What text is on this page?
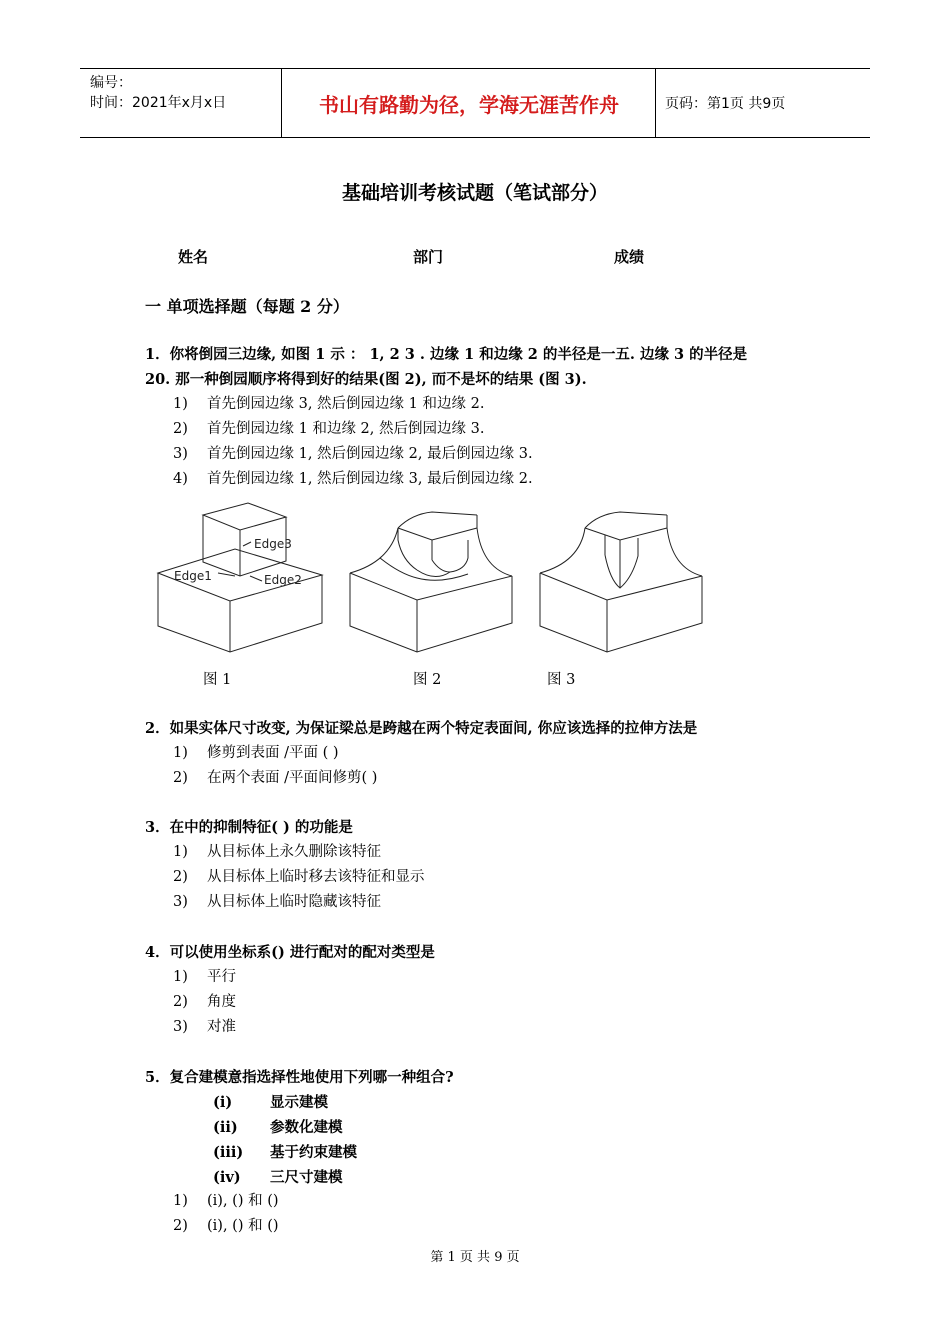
编号：
时间：2021年x月x日	书山有路勤为径，学海无涯苦作舟	页码：第1页 共9页
基础培训考核试题（笔试部分）
姓名	部门	成绩
一 单项选择题（每题 2 分）
1．你将倒园三边缘, 如图 1 示 ： 1, 2 3 . 边缘 1 和边缘 2 的半径是一五. 边缘 3 的半径是
20. 那一种倒园顺序将得到好的结果(图 2), 而不是坏的结果 (图 3).
1) 首先倒园边缘 3, 然后倒园边缘 1 和边缘 2.
2) 首先倒园边缘 1 和边缘 2, 然后倒园边缘 3.
3) 首先倒园边缘 1, 然后倒园边缘 2, 最后倒园边缘 3.
4) 首先倒园边缘 1, 然后倒园边缘 3, 最后倒园边缘 2.
Edge3
Edge1	Edge2
图 1	图 2	图 3
2．如果实体尺寸改变, 为保证梁总是跨越在两个特定表面间, 你应该选择的拉伸方法是
1) 修剪到表面 /平面 ( )
2) 在两个表面 /平面间修剪( )
3．在中的抑制特征( ) 的功能是
1) 从目标体上永久删除该特征
2) 从目标体上临时移去该特征和显示
3) 从目标体上临时隐藏该特征
4．可以使用坐标系() 进行配对的配对类型是
1) 平行
2) 角度
3) 对准
5．复合建模意指选择性地使用下列哪一种组合?
(i)	显示建模
(ii) 参数化建模
(iii) 基于约束建模
(iv) 三尺寸建模
1) (i), () 和 ()
2) (i), () 和 ()
第 1 页 共 9 页
